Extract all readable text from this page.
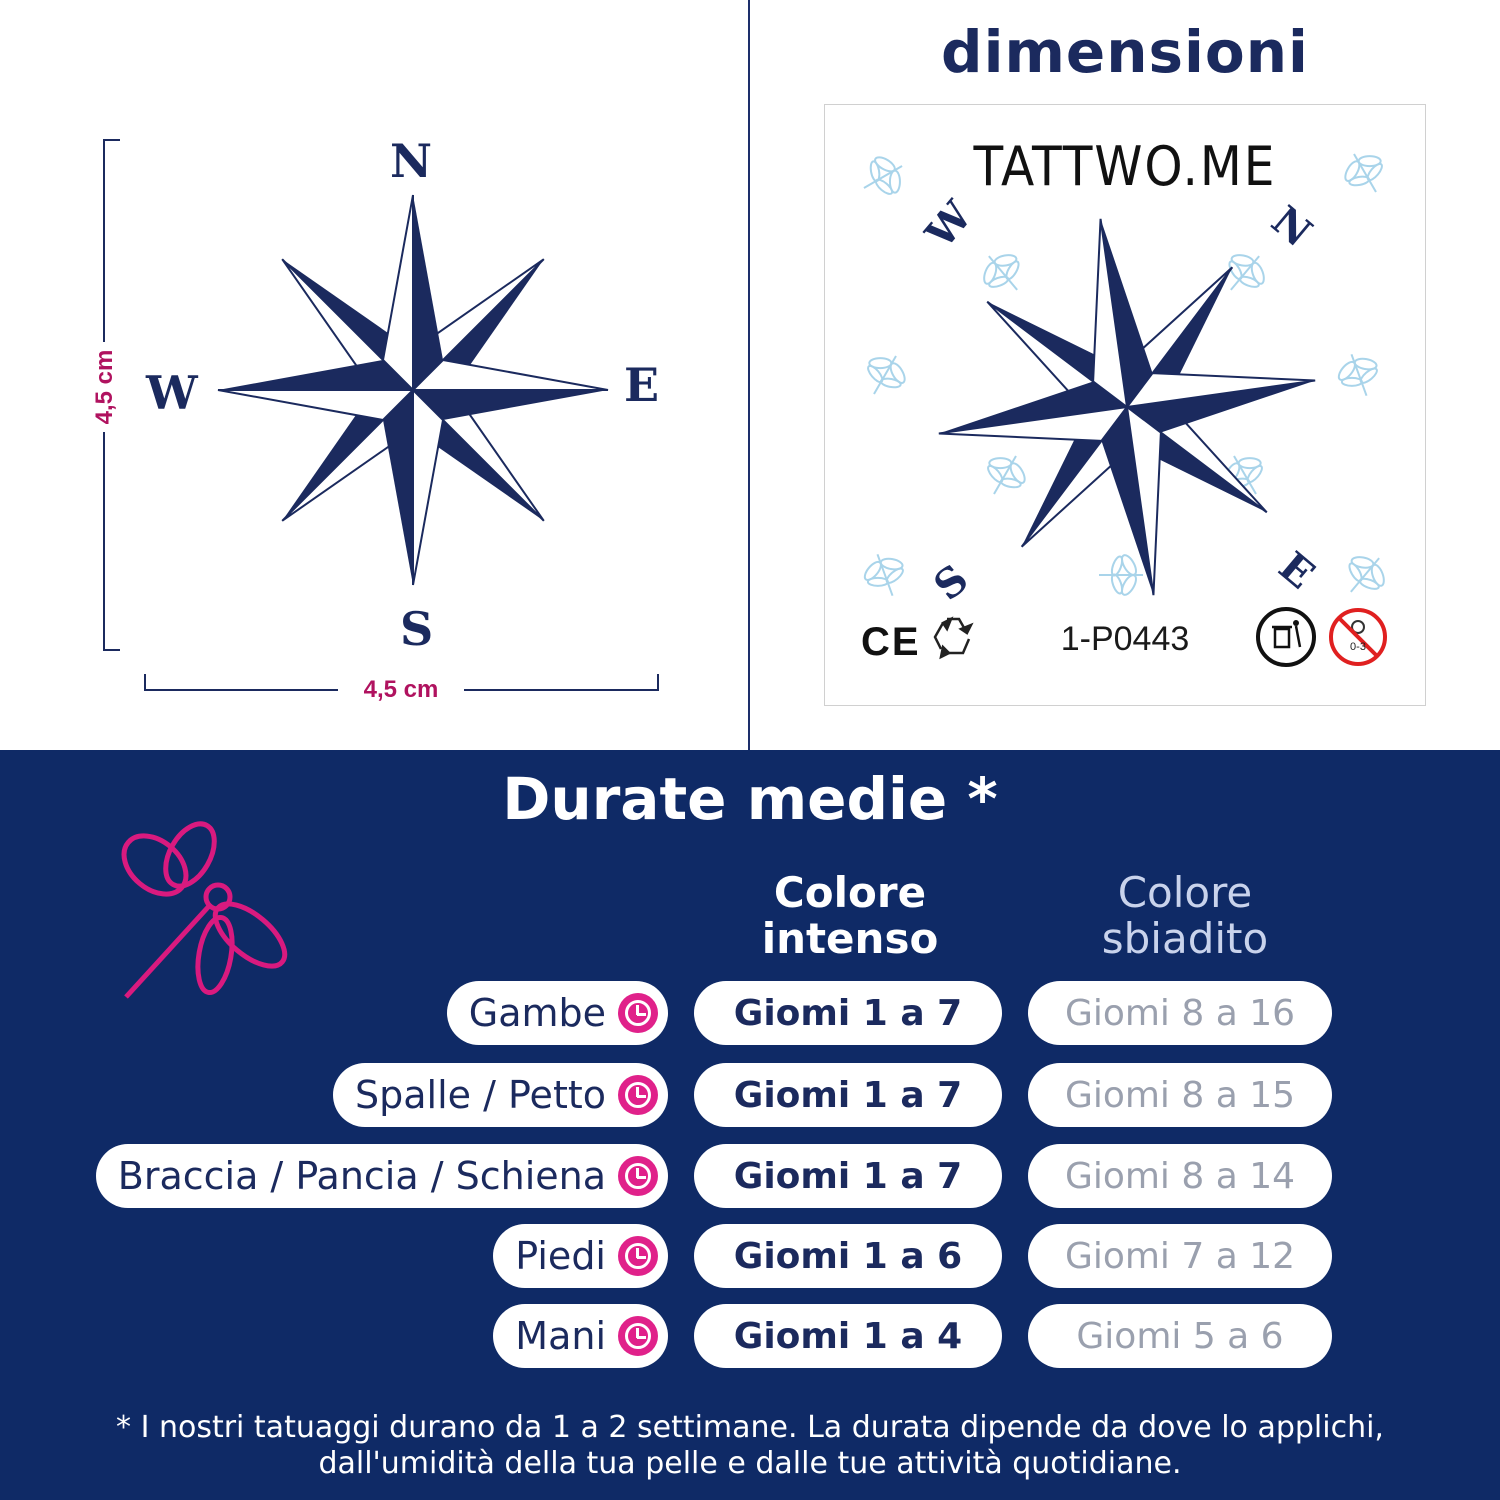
N
E
S
W
4,5 cm
4,5 cm
dimensioni
TATTWO.ME
W	N
S	E
CE	1-P0443	0-3
Durate medie *
Colore intenso
Colore sbiadito
Gambe	Giomi 1 a 7	Giomi 8 a 16
Spalle / Petto	Giomi 1 a 7	Giomi 8 a 15
Braccia / Pancia / Schiena	Giomi 1 a 7	Giomi 8 a 14
Piedi	Giomi 1 a 6	Giomi 7 a 12
Mani	Giomi 1 a 4	Giomi 5 a 6
* I nostri tatuaggi durano da 1 a 2 settimane. La durata dipende da dove lo applichi, dall'umidità della tua pelle e dalle tue attività quotidiane.
